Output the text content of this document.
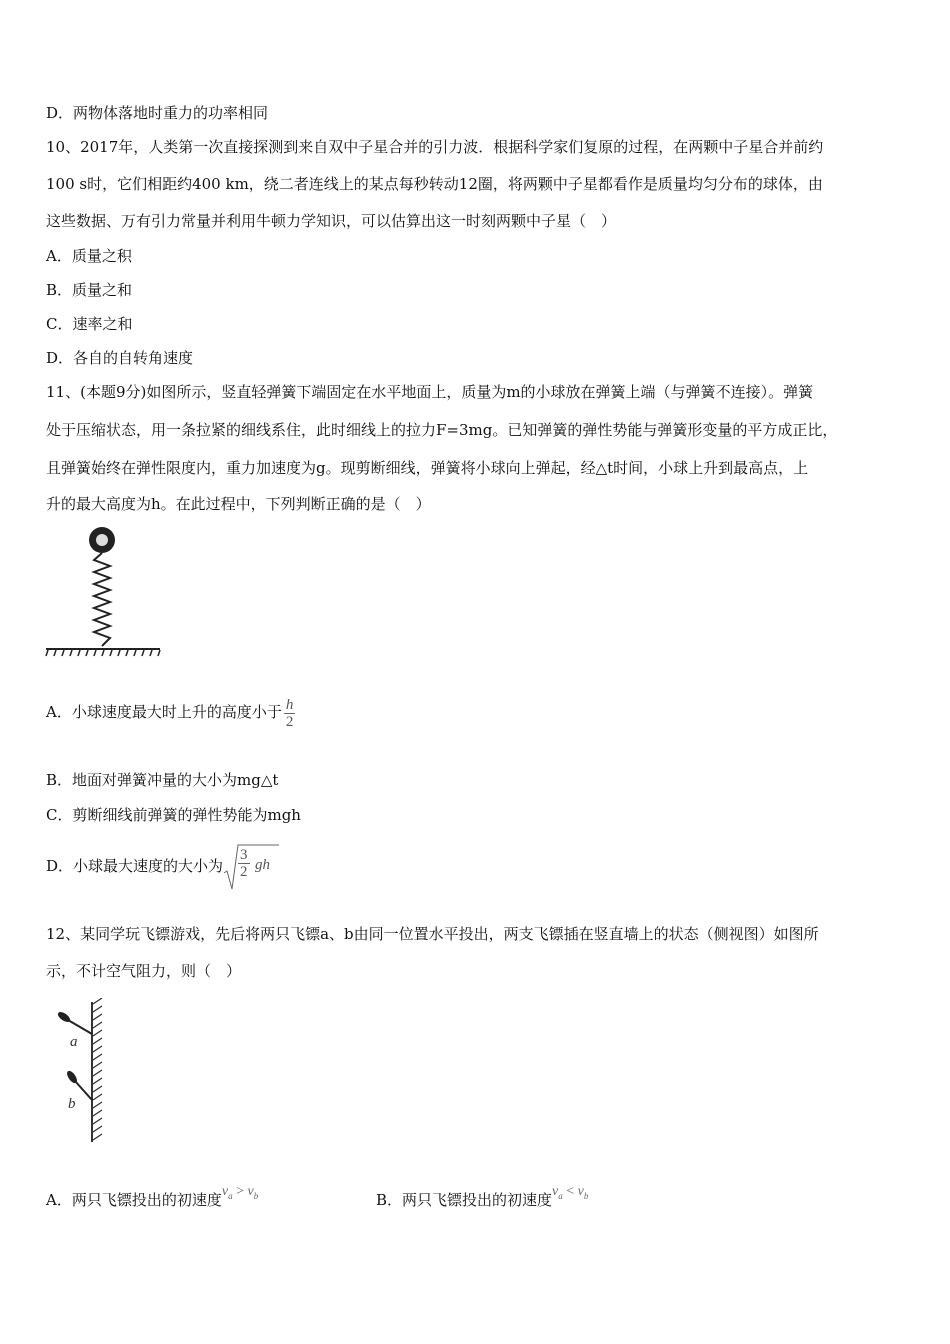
D．两物体落地时重力的功率相同
10、2017年，人类第一次直接探测到来自双中子星合并的引力波．根据科学家们复原的过程，在两颗中子星合并前约
100 s时，它们相距约400 km，绕二者连线上的某点每秒转动12圈，将两颗中子星都看作是质量均匀分布的球体，由
这些数据、万有引力常量并利用牛顿力学知识，可以估算出这一时刻两颗中子星（　）
A．质量之积
B．质量之和
C．速率之和
D．各自的自转角速度
11、(本题9分)如图所示，竖直轻弹簧下端固定在水平地面上，质量为m的小球放在弹簧上端（与弹簧不连接）。弹簧
处于压缩状态，用一条拉紧的细线系住，此时细线上的拉力F=3mg。已知弹簧的弹性势能与弹簧形变量的平方成正比，
且弹簧始终在弹性限度内，重力加速度为g。现剪断细线，弹簧将小球向上弹起，经△t时间，小球上升到最高点，上
升的最大高度为h。在此过程中，下列判断正确的是（　）
A．小球速度最大时上升的高度小于 $\frac{h}{2}$
B．地面对弹簧冲量的大小为mg△t
C．剪断细线前弹簧的弹性势能为mgh
D．小球最大速度的大小为 $\frac{3}{2}$ gh
12、某同学玩飞镖游戏，先后将两只飞镖a、b由同一位置水平投出，两支飞镖插在竖直墙上的状态（侧视图）如图所
示，不计空气阻力，则（　）
a
b
A．两只飞镖投出的初速度$v_a > v_b$	B．两只飞镖投出的初速度$v_a < v_b$
